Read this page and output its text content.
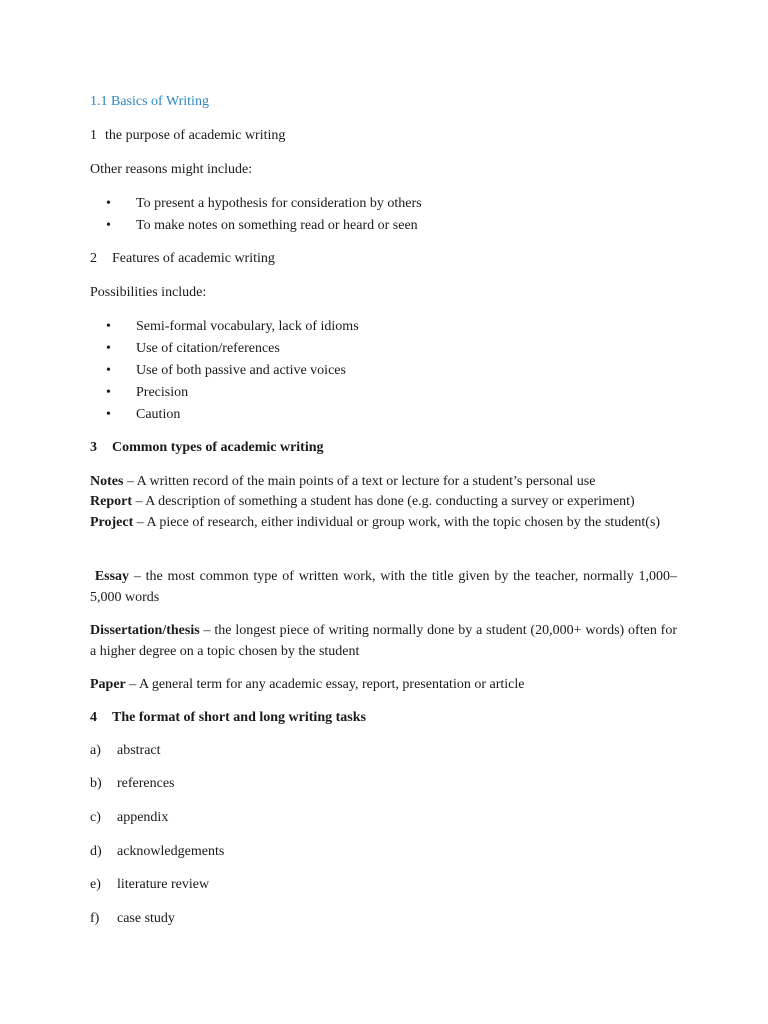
1.1 Basics of Writing
1 the purpose of academic writing
Other reasons might include:
• To present a hypothesis for consideration by others
• To make notes on something read or heard or seen
2 Features of academic writing
Possibilities include:
• Semi-formal vocabulary, lack of idioms
• Use of citation/references
• Use of both passive and active voices
• Precision
• Caution
3 Common types of academic writing
Notes – A written record of the main points of a text or lecture for a student’s personal use
Report – A description of something a student has done (e.g. conducting a survey or experiment)
Project – A piece of research, either individual or group work, with the topic chosen by the student(s)
Essay – the most common type of written work, with the title given by the teacher, normally 1,000–5,000 words
Dissertation/thesis – the longest piece of writing normally done by a student (20,000+ words) often for a higher degree on a topic chosen by the student
Paper – A general term for any academic essay, report, presentation or article
4 The format of short and long writing tasks
a) abstract
b) references
c) appendix
d) acknowledgements
e) literature review
f) case study
